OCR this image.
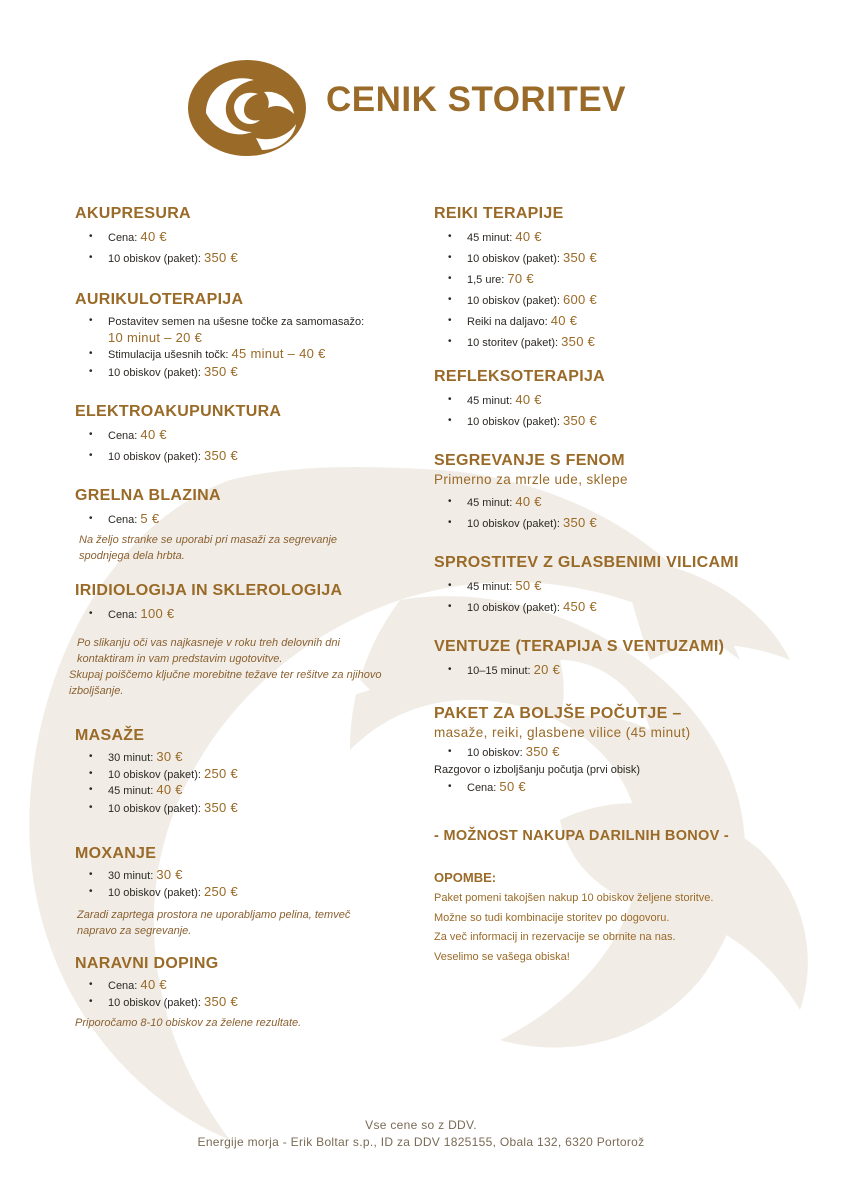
CENIK STORITEV
AKUPRESURA
• Cena: 40 €
• 10 obiskov (paket): 350 €
AURIKULOTERAPIJA
• Postavitev semen na ušesne točke za samomasažo:
10 minut – 20 €
• Stimulacija ušesnih točk: 45 minut – 40 €
• 10 obiskov (paket): 350 €
ELEKTROAKUPUNKTURA
• Cena: 40 €
• 10 obiskov (paket): 350 €
GRELNA BLAZINA
• Cena: 5 €

Na željo stranke se uporabi pri masaži za segrevanje spodnjega dela hrbta.

IRIDIOLOGIJA IN SKLEROLOGIJA
• Cena: 100 €

Po slikanju oči vas najkasneje v roku treh delovnih dni kontaktiram in vam predstavim ugotovitve.

Skupaj poiščemo ključne morebitne težave ter rešitve za njihovo izboljšanje.

MASAŽE
• 30 minut: 30 €
• 10 obiskov (paket): 250 €
• 45 minut: 40 €
• 10 obiskov (paket): 350 €
MOXANJE
• 30 minut: 30 €
• 10 obiskov (paket): 250 €

Zaradi zaprtega prostora ne uporabljamo pelina, temveč napravo za segrevanje.

NARAVNI DOPING
• Cena: 40 €
• 10 obiskov (paket): 350 €

Priporočamo 8-10 obiskov za želene rezultate.

REIKI TERAPIJE
• 45 minut: 40 €
• 10 obiskov (paket): 350 €
• 1,5 ure: 70 €
• 10 obiskov (paket): 600 €
• Reiki na daljavo: 40 €
• 10 storitev (paket): 350 €
REFLEKSOTERAPIJA
• 45 minut: 40 €
• 10 obiskov (paket): 350 €
SEGREVANJE S FENOM
Primerno za mrzle ude, sklepe
• 45 minut: 40 €
• 10 obiskov (paket): 350 €
SPROSTITEV Z GLASBENIMI VILICAMI
• 45 minut: 50 €
• 10 obiskov (paket): 450 €
VENTUZE (TERAPIJA S VENTUZAMI)
• 10–15 minut: 20 €
PAKET ZA BOLJŠE POČUTJE –
masaže, reiki, glasbene vilice (45 minut)
• 10 obiskov: 350 €

Razgovor o izboljšanju počutja (prvi obisk)

• Cena: 50 €
- MOŽNOST NAKUPA DARILNIH BONOV -
OPOMBE:

Paket pomeni takojšen nakup 10 obiskov željene storitve.

Možne so tudi kombinacije storitev po dogovoru.

Za več informacij in rezervacije se obrnite na nas.

Veselimo se vašega obiska!

Vse cene so z DDV.
Energije morja - Erik Boltar s.p., ID za DDV 1825155, Obala 132, 6320 Portorož
